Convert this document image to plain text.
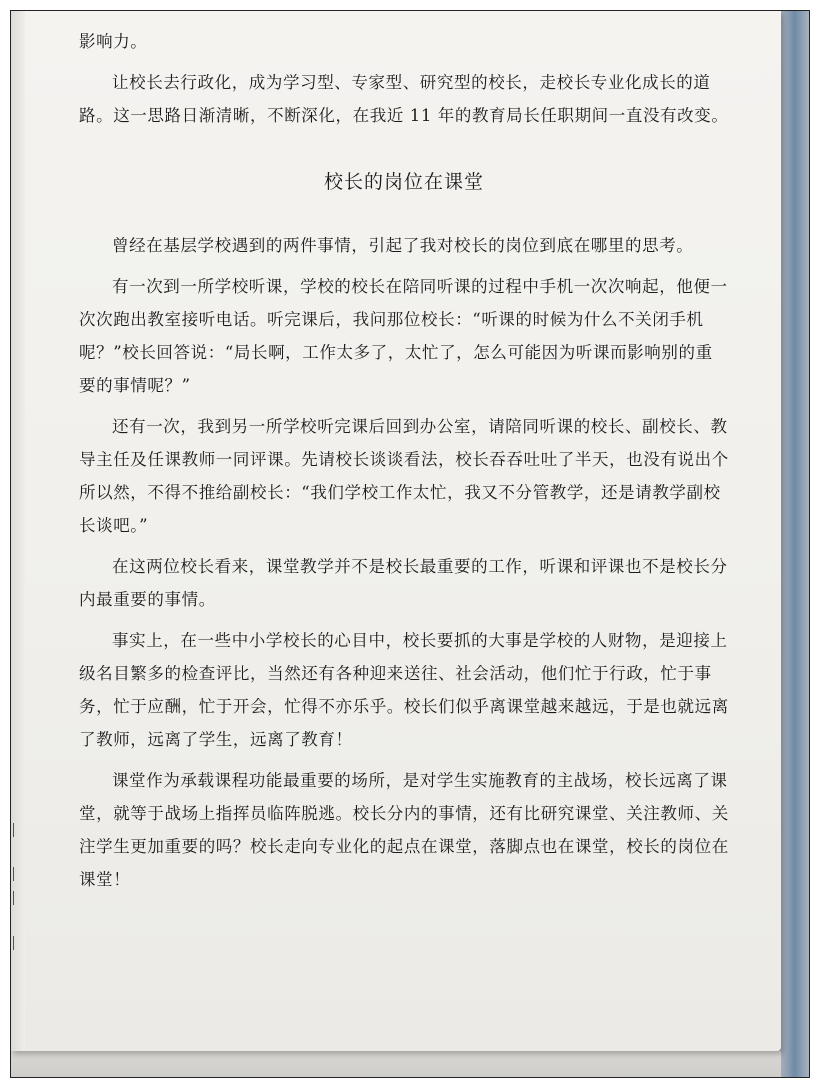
影响力。

让校长去行政化，成为学习型、专家型、研究型的校长，走校长专业化成长的道路。这一思路日渐清晰，不断深化，在我近 11 年的教育局长任职期间一直没有改变。

校长的岗位在课堂

曾经在基层学校遇到的两件事情，引起了我对校长的岗位到底在哪里的思考。

有一次到一所学校听课，学校的校长在陪同听课的过程中手机一次次响起，他便一次次跑出教室接听电话。听完课后，我问那位校长：“听课的时候为什么不关闭手机呢？”校长回答说：“局长啊，工作太多了，太忙了，怎么可能因为听课而影响别的重要的事情呢？”

还有一次，我到另一所学校听完课后回到办公室，请陪同听课的校长、副校长、教导主任及任课教师一同评课。先请校长谈谈看法，校长吞吞吐吐了半天，也没有说出个所以然，不得不推给副校长：“我们学校工作太忙，我又不分管教学，还是请教学副校长谈吧。”

在这两位校长看来，课堂教学并不是校长最重要的工作，听课和评课也不是校长分内最重要的事情。

事实上，在一些中小学校长的心目中，校长要抓的大事是学校的人财物，是迎接上级名目繁多的检查评比，当然还有各种迎来送往、社会活动，他们忙于行政，忙于事务，忙于应酬，忙于开会，忙得不亦乐乎。校长们似乎离课堂越来越远，于是也就远离了教师，远离了学生，远离了教育！

课堂作为承载课程功能最重要的场所，是对学生实施教育的主战场，校长远离了课堂，就等于战场上指挥员临阵脱逃。校长分内的事情，还有比研究课堂、关注教师、关注学生更加重要的吗？校长走向专业化的起点在课堂，落脚点也在课堂，校长的岗位在课堂！
